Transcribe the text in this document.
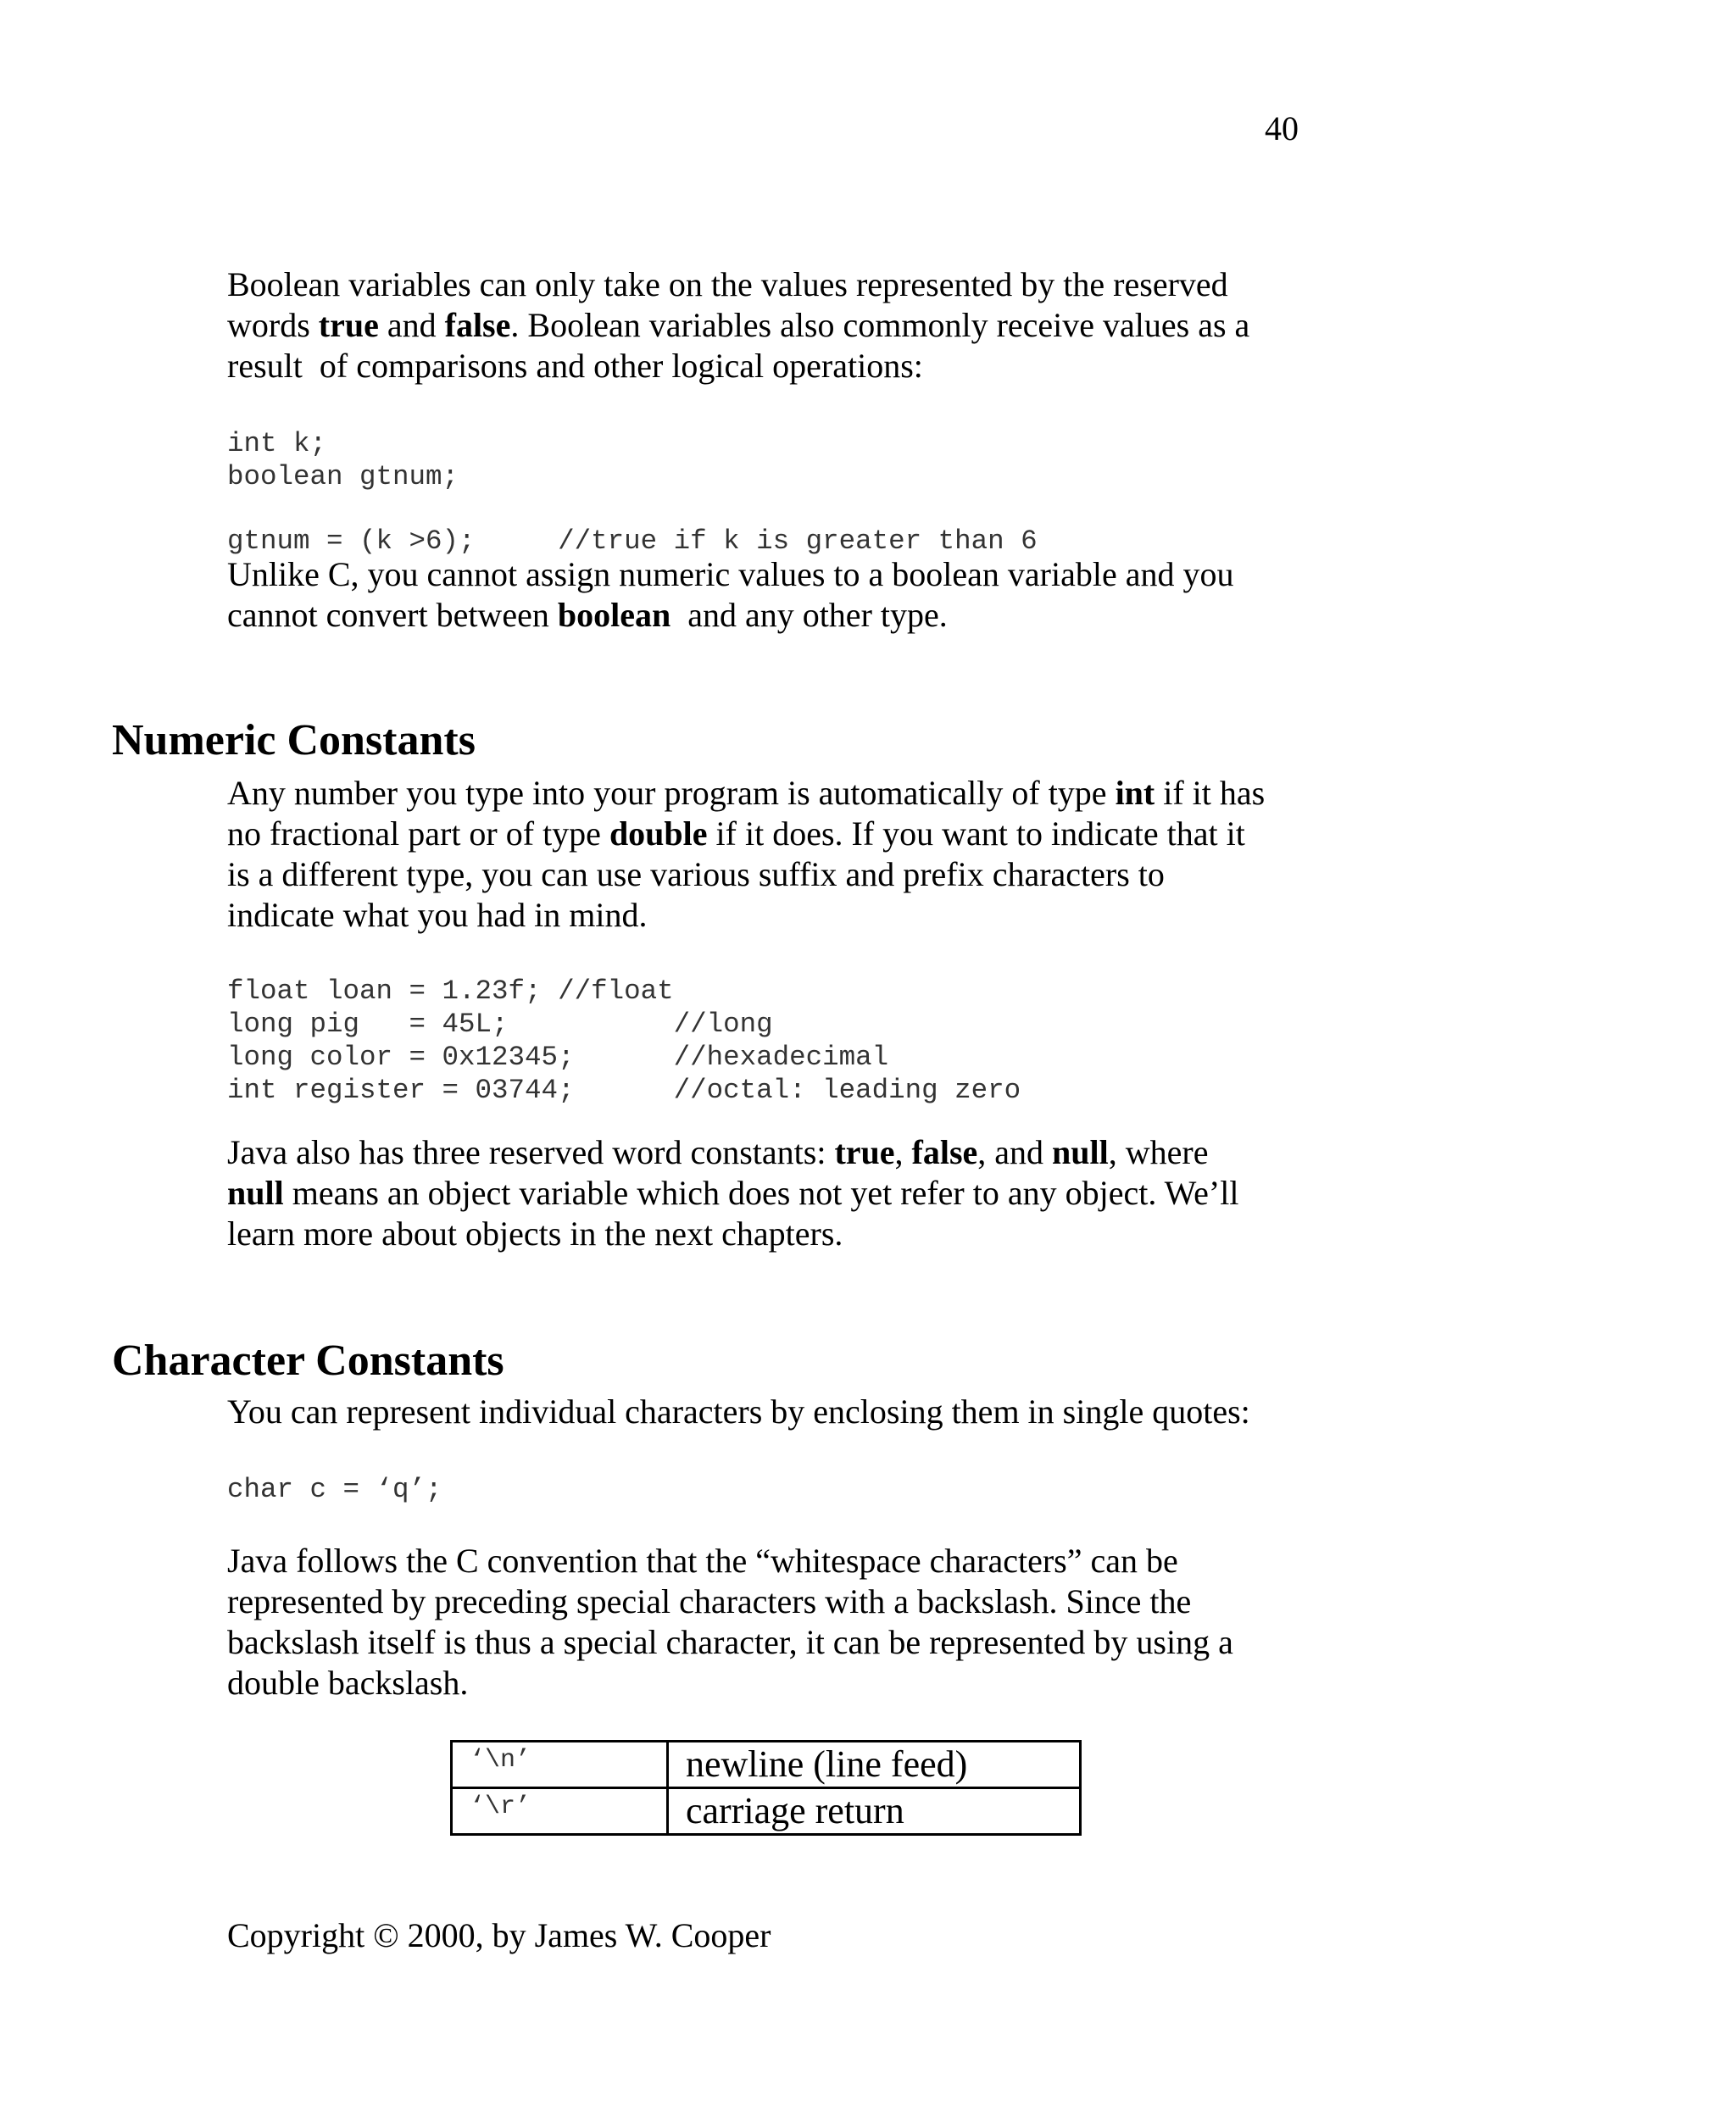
40

Boolean variables can only take on the values represented by the reserved
words true and false. Boolean variables also commonly receive values as a
result  of comparisons and other logical operations:

int k;
boolean gtnum;
gtnum = (k >6);     //true if k is greater than 6

Unlike C, you cannot assign numeric values to a boolean variable and you
cannot convert between boolean  and any other type.

Numeric Constants

Any number you type into your program is automatically of type int if it has
no fractional part or of type double if it does. If you want to indicate that it
is a different type, you can use various suffix and prefix characters to
indicate what you had in mind.

float loan = 1.23f; //float
long pig   = 45L;          //long
long color = 0x12345;      //hexadecimal
int register = 03744;      //octal: leading zero

Java also has three reserved word constants: true, false, and null, where
null means an object variable which does not yet refer to any object. We’ll
learn more about objects in the next chapters.

Character Constants

You can represent individual characters by enclosing them in single quotes:

char c = ‘q’;

Java follows the C convention that the “whitespace characters” can be
represented by preceding special characters with a backslash. Since the
backslash itself is thus a special character, it can be represented by using a
double backslash.

‘\n’	newline (line feed)
‘\r’	carriage return
Copyright © 2000, by James W. Cooper
